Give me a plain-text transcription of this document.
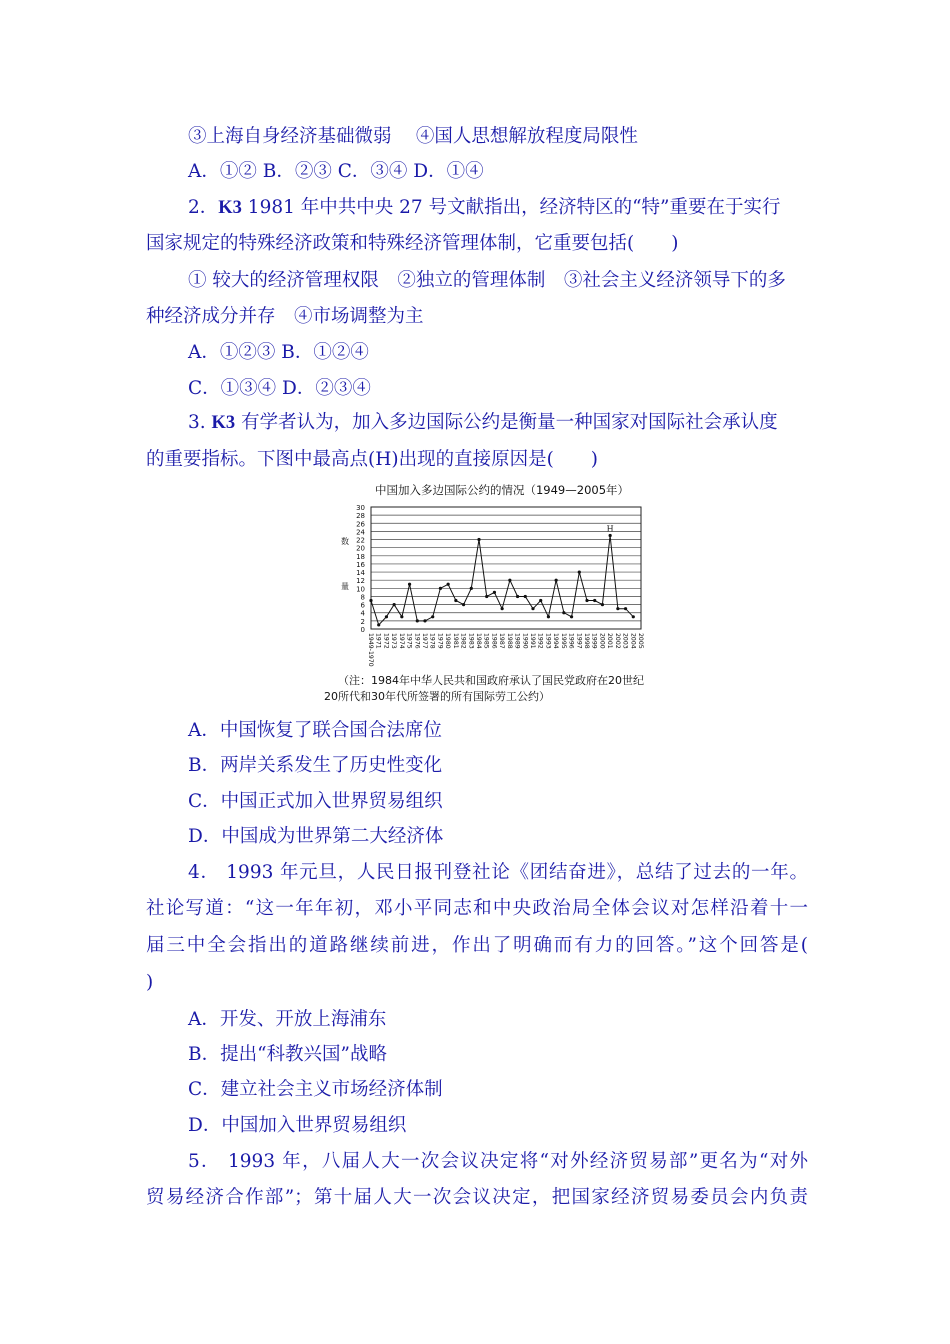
③上海自身经济基础微弱　 ④国人思想解放程度局限性
A．①② B．②③ C．③④ D．①④
2．K3 1981 年中共中央 27 号文献指出，经济特区的“特”重要在于实行
国家规定的特殊经济政策和特殊经济管理体制，它重要包括(　　)
① 较大的经济管理权限　②独立的管理体制　③社会主义经济领导下的多
种经济成分并存　④市场调整为主
A．①②③ B．①②④
C．①③④ D．②③④
3. K3 有学者认为，加入多边国际公约是衡量一种国家对国际社会承认度
的重要指标。下图中最高点(H)出现的直接原因是(　　)
中国加入多边国际公约的情况（1949—2005年）
0
2
4
6
8
10
12
14
16
18
20
22
24
26
28
30
数
量
1949-1970 1971 1972 1973 1974 1975 1976 1977 1978 1979 1980 1981 1982 1983 1984 1985 1986 1987 1988 1989 1990 1991 1992 1993 1994 1995 1996 1997 1998 1999 2000 2001 2002 2003 2004 2005
H
（注：1984年中华人民共和国政府承认了国民党政府在20世纪
20所代和30年代所签署的所有国际劳工公约）
A．中国恢复了联合国合法席位
B．两岸关系发生了历史性变化
C．中国正式加入世界贸易组织
D．中国成为世界第二大经济体
4． 1993 年元旦，人民日报刊登社论《团结奋进》，总结了过去的一年。
社论写道：“这一年年初，邓小平同志和中央政治局全体会议对怎样沿着十一
届三中全会指出的道路继续前进，作出了明确而有力的回答。”这个回答是(
)
A．开发、开放上海浦东
B．提出“科教兴国”战略
C．建立社会主义市场经济体制
D．中国加入世界贸易组织
5． 1993 年，八届人大一次会议决定将“对外经济贸易部”更名为“对外
贸易经济合作部”；第十届人大一次会议决定，把国家经济贸易委员会内负责
